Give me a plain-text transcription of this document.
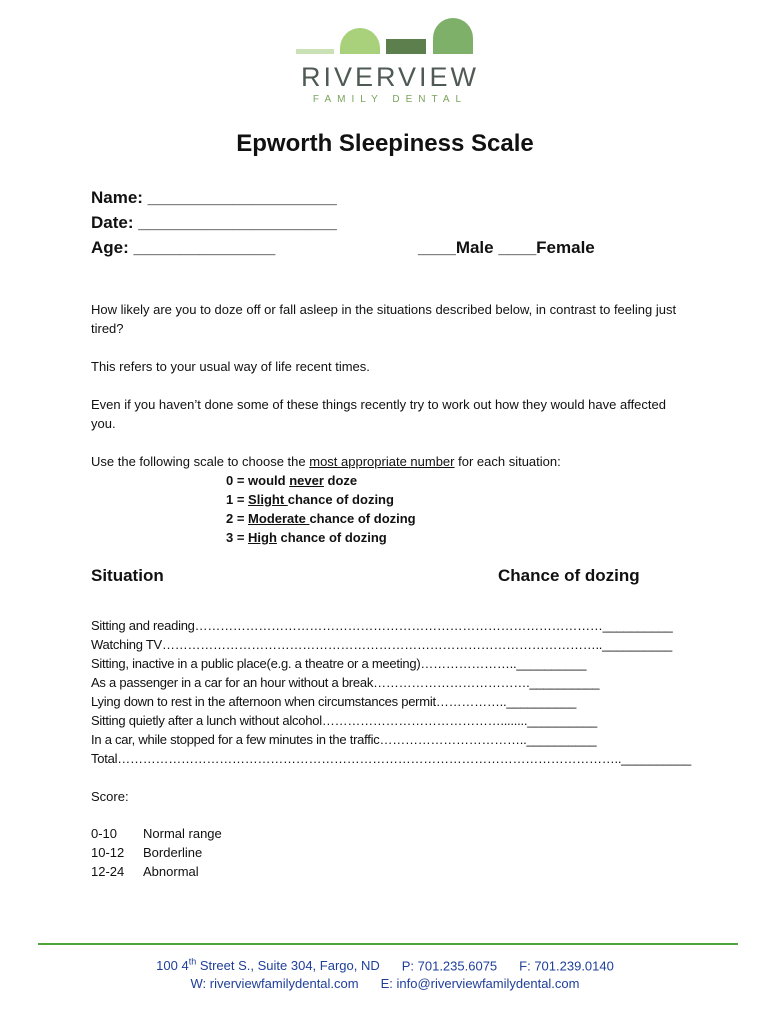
RIVERVIEW
FAMILY DENTAL
Epworth Sleepiness Scale
Name: ____________________
Date: _____________________
Age: _______________	____Male ____Female
How likely are you to doze off or fall asleep in the situations described below, in contrast to feeling just tired?
This refers to your usual way of life recent times.
Even if you haven’t done some of these things recently try to work out how they would have affected you.
Use the following scale to choose the most appropriate number for each situation:
0 = would never doze
1 = Slight chance of dozing
2 = Moderate chance of dozing
3 = High chance of dozing
Situation	Chance of dozing
Sitting and reading……………………………………………………………………………………__________
Watching TV…………………………………………………………………………………………..__________
Sitting, inactive in a public place(e.g. a theatre or a meeting)…………………..__________
As a passenger in a car for an hour without a break……………………………….__________
Lying down to rest in the afternoon when circumstances permit……………..__________
Sitting quietly after a lunch without alcohol……………………………………........__________
In a car, while stopped for a few minutes in the traffic……………………………..__________
Total………………………………………………………………………………………………………..__________
Score:
0-10 Normal range
10-12 Borderline
12-24 Abnormal
100 4th Street S., Suite 304, Fargo, ND P: 701.235.6075 F: 701.239.0140
W: riverviewfamilydental.com E: info@riverviewfamilydental.com
